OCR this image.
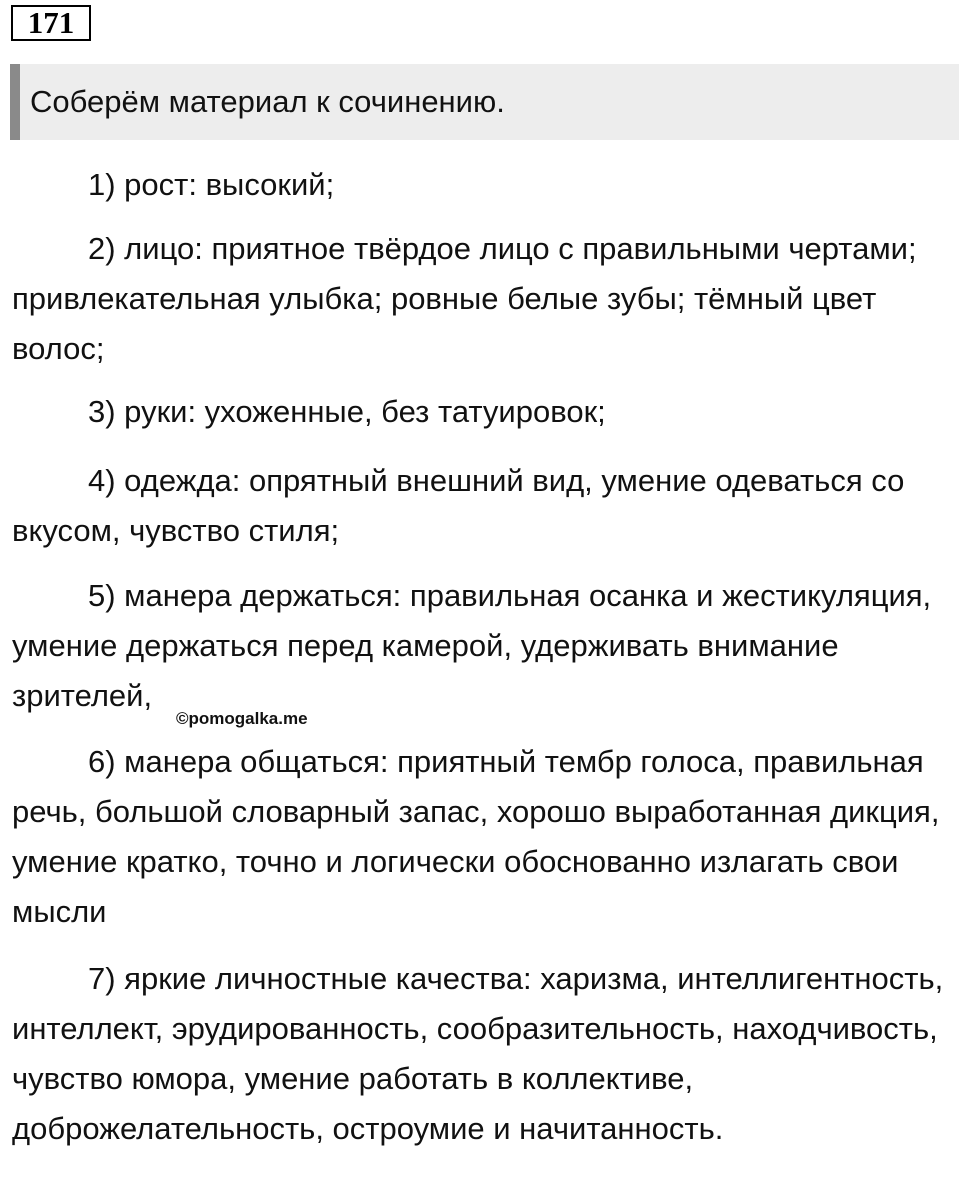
171
Соберём материал к сочинению.

1) рост: высокий;

2) лицо: приятное твёрдое лицо с правильными чертами; привлекательная улыбка; ровные белые зубы; тёмный цвет волос;

3) руки: ухоженные, без татуировок;

4) одежда: опрятный внешний вид, умение одеваться со вкусом, чувство стиля;

5) манера держаться: правильная осанка и жестикуляция, умение держаться перед камерой, удерживать внимание зрителей,

6) манера общаться: приятный тембр голоса, правильная речь, большой словарный запас, хорошо выработанная дикция, умение кратко, точно и логически обоснованно излагать свои мысли

7) яркие личностные качества: харизма, интеллигентность, интеллект, эрудированность, сообразительность, находчивость, чувство юмора, умение работать в коллективе, доброжелательность, остроумие и начитанность.

©pomogalka.me
